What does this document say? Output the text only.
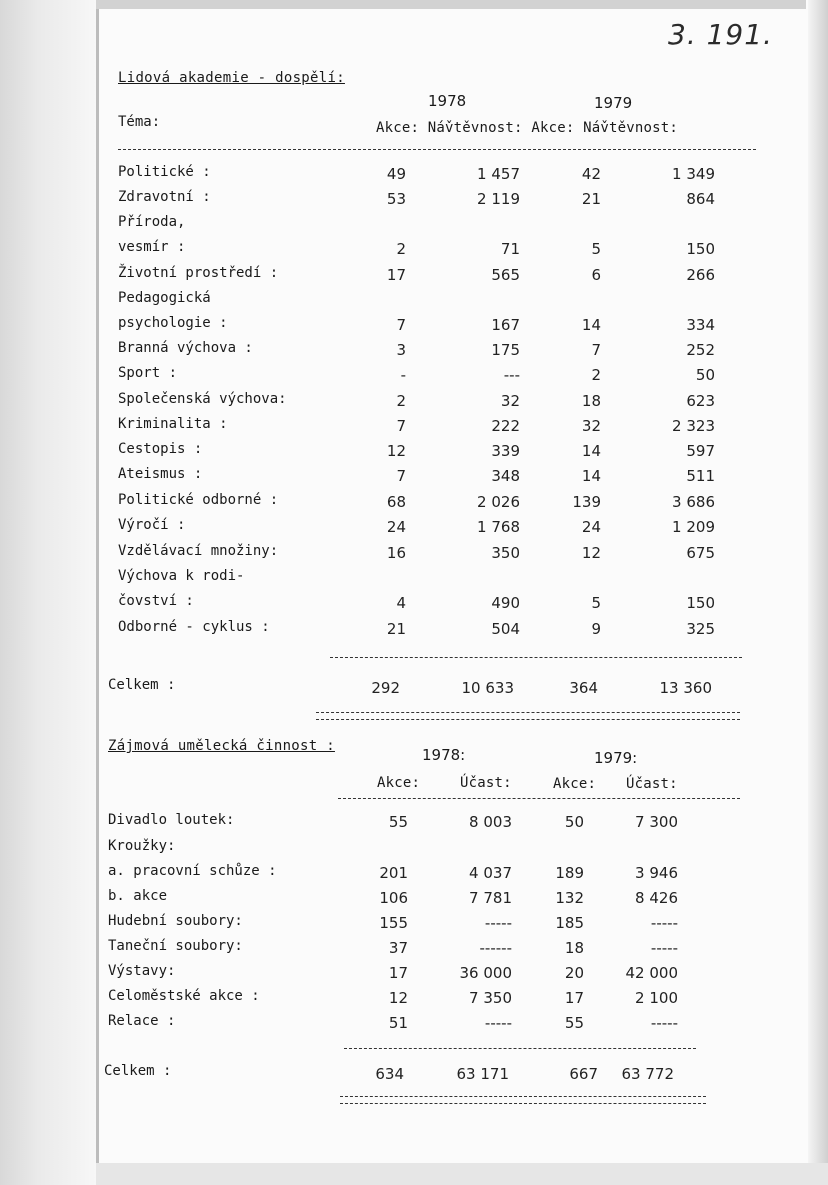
3. 191.
Lidová akademie - dospělí:
1978	1979
Téma:	Akce: Náv̌těvnost: Akce: Náv̌těvnost:
Politické :	49	1 457	42	1 349
Zdravotní :	53	2 119	21	864
Příroda,
vesmír :	2	71	5	150
Životní prostředí :	17	565	6	266
Pedagogická
psychologie :	7	167	14	334
Branná výchova :	3	175	7	252
Sport :	-	---	2	50
Společenská výchova:	2	32	18	623
Kriminalita :	7	222	32	2 323
Cestopis :	12	339	14	597
Ateismus :	7	348	14	511
Politické odborné :	68	2 026	139	3 686
Výročí :	24	1 768	24	1 209
Vzdělávací množiny:	16	350	12	675
Výchova k rodi-
čovství :	4	490	5	150
Odborné - cyklus :	21	504	9	325
Celkem :	292	10 633	364	13 360
Zájmová umělecká činnost :	1978:	1979:
Akce:	Účast:	Akce: Účast:
Divadlo loutek:	55	8 003	50	7 300
Kroužky:
a. pracovní schůze :	201	4 037	189	3 946
b. akce	106	7 781	132	8 426
Hudební soubory:	155	-----	185	-----
Taneční soubory:	37	------	18	-----
Výstavy:	17	36 000	20	42 000
Celoměstské akce :	12	7 350	17	2 100
Relace :	51	-----	55	-----
Celkem :	634	63 171	667	63 772
